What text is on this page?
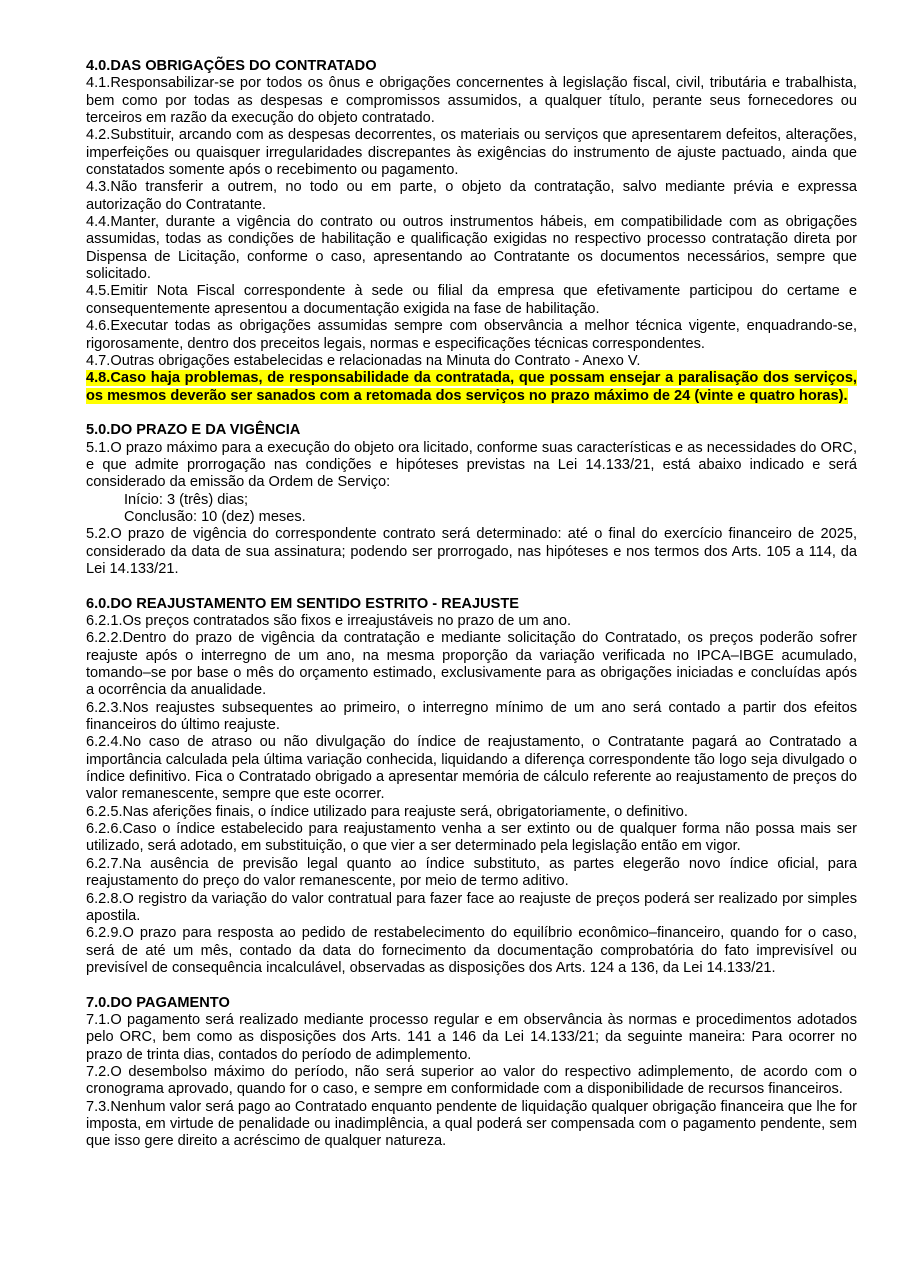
4.0.DAS OBRIGAÇÕES DO CONTRATADO

4.1.Responsabilizar-se por todos os ônus e obrigações concernentes à legislação fiscal, civil, tributária e trabalhista, bem como por todas as despesas e compromissos assumidos, a qualquer título, perante seus fornecedores ou terceiros em razão da execução do objeto contratado.

4.2.Substituir, arcando com as despesas decorrentes, os materiais ou serviços que apresentarem defeitos, alterações, imperfeições ou quaisquer irregularidades discrepantes às exigências do instrumento de ajuste pactuado, ainda que constatados somente após o recebimento ou pagamento.

4.3.Não transferir a outrem, no todo ou em parte, o objeto da contratação, salvo mediante prévia e expressa autorização do Contratante.

4.4.Manter, durante a vigência do contrato ou outros instrumentos hábeis, em compatibilidade com as obrigações assumidas, todas as condições de habilitação e qualificação exigidas no respectivo processo contratação direta por Dispensa de Licitação, conforme o caso, apresentando ao Contratante os documentos necessários, sempre que solicitado.

4.5.Emitir Nota Fiscal correspondente à sede ou filial da empresa que efetivamente participou do certame e consequentemente apresentou a documentação exigida na fase de habilitação.

4.6.Executar todas as obrigações assumidas sempre com observância a melhor técnica vigente, enquadrando-se, rigorosamente, dentro dos preceitos legais, normas e especificações técnicas correspondentes.

4.7.Outras obrigações estabelecidas e relacionadas na Minuta do Contrato - Anexo V.

4.8.Caso haja problemas, de responsabilidade da contratada, que possam ensejar a paralisação dos serviços, os mesmos deverão ser sanados com a retomada dos serviços no prazo máximo de 24 (vinte e quatro horas).

5.0.DO PRAZO E DA VIGÊNCIA

5.1.O prazo máximo para a execução do objeto ora licitado, conforme suas características e as necessidades do ORC, e que admite prorrogação nas condições e hipóteses previstas na Lei 14.133/21, está abaixo indicado e será considerado da emissão da Ordem de Serviço:

Início: 3 (três) dias;

Conclusão: 10 (dez) meses.

5.2.O prazo de vigência do correspondente contrato será determinado: até o final do exercício financeiro de 2025, considerado da data de sua assinatura; podendo ser prorrogado, nas hipóteses e nos termos dos Arts. 105 a 114, da Lei 14.133/21.

6.0.DO REAJUSTAMENTO EM SENTIDO ESTRITO - REAJUSTE

6.2.1.Os preços contratados são fixos e irreajustáveis no prazo de um ano.

6.2.2.Dentro do prazo de vigência da contratação e mediante solicitação do Contratado, os preços poderão sofrer reajuste após o interregno de um ano, na mesma proporção da variação verificada no IPCA–IBGE acumulado, tomando–se por base o mês do orçamento estimado, exclusivamente para as obrigações iniciadas e concluídas após a ocorrência da anualidade.

6.2.3.Nos reajustes subsequentes ao primeiro, o interregno mínimo de um ano será contado a partir dos efeitos financeiros do último reajuste.

6.2.4.No caso de atraso ou não divulgação do índice de reajustamento, o Contratante pagará ao Contratado a importância calculada pela última variação conhecida, liquidando a diferença correspondente tão logo seja divulgado o índice definitivo. Fica o Contratado obrigado a apresentar memória de cálculo referente ao reajustamento de preços do valor remanescente, sempre que este ocorrer.

6.2.5.Nas aferições finais, o índice utilizado para reajuste será, obrigatoriamente, o definitivo.

6.2.6.Caso o índice estabelecido para reajustamento venha a ser extinto ou de qualquer forma não possa mais ser utilizado, será adotado, em substituição, o que vier a ser determinado pela legislação então em vigor.

6.2.7.Na ausência de previsão legal quanto ao índice substituto, as partes elegerão novo índice oficial, para reajustamento do preço do valor remanescente, por meio de termo aditivo.

6.2.8.O registro da variação do valor contratual para fazer face ao reajuste de preços poderá ser realizado por simples apostila.

6.2.9.O prazo para resposta ao pedido de restabelecimento do equilíbrio econômico–financeiro, quando for o caso, será de até um mês, contado da data do fornecimento da documentação comprobatória do fato imprevisível ou previsível de consequência incalculável, observadas as disposições dos Arts. 124 a 136, da Lei 14.133/21.

7.0.DO PAGAMENTO

7.1.O pagamento será realizado mediante processo regular e em observância às normas e procedimentos adotados pelo ORC, bem como as disposições dos Arts. 141 a 146 da Lei 14.133/21; da seguinte maneira: Para ocorrer no prazo de trinta dias, contados do período de adimplemento.

7.2.O desembolso máximo do período, não será superior ao valor do respectivo adimplemento, de acordo com o cronograma aprovado, quando for o caso, e sempre em conformidade com a disponibilidade de recursos financeiros.

7.3.Nenhum valor será pago ao Contratado enquanto pendente de liquidação qualquer obrigação financeira que lhe for imposta, em virtude de penalidade ou inadimplência, a qual poderá ser compensada com o pagamento pendente, sem que isso gere direito a acréscimo de qualquer natureza.
